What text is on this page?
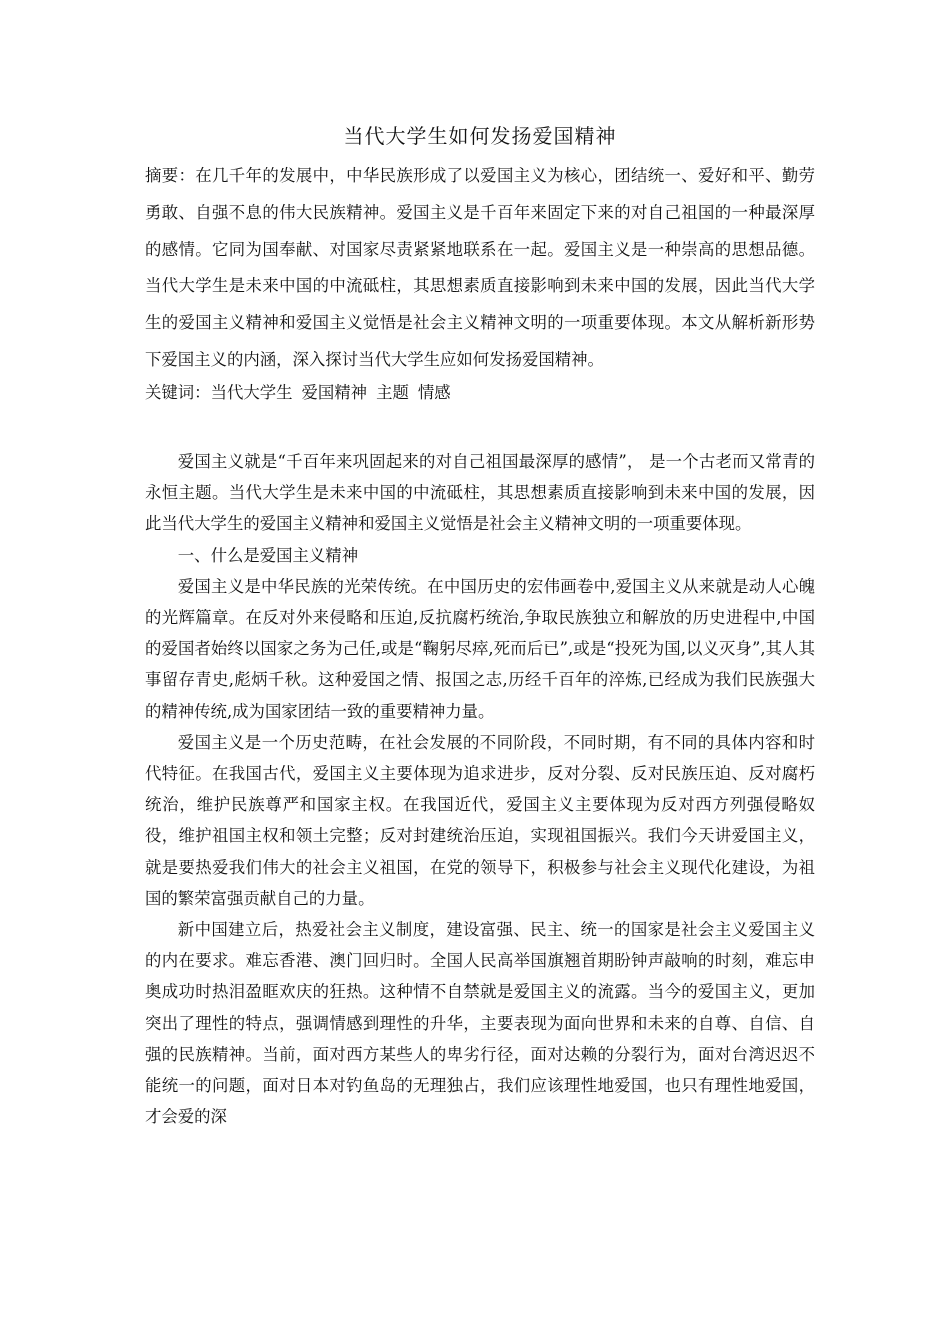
当代大学生如何发扬爱国精神

摘要：在几千年的发展中，中华民族形成了以爱国主义为核心，团结统一、爱好和平、勤劳勇敢、自强不息的伟大民族精神。爱国主义是千百年来固定下来的对自己祖国的一种最深厚的感情。它同为国奉献、对国家尽责紧紧地联系在一起。爱国主义是一种崇高的思想品德。当代大学生是未来中国的中流砥柱，其思想素质直接影响到未来中国的发展，因此当代大学生的爱国主义精神和爱国主义觉悟是社会主义精神文明的一项重要体现。本文从解析新形势下爱国主义的内涵，深入探讨当代大学生应如何发扬爱国精神。

关键词：当代大学生 爱国精神 主题 情感

爱国主义就是“千百年来巩固起来的对自己祖国最深厚的感情”， 是一个古老而又常青的永恒主题。当代大学生是未来中国的中流砥柱，其思想素质直接影响到未来中国的发展，因此当代大学生的爱国主义精神和爱国主义觉悟是社会主义精神文明的一项重要体现。

一、什么是爱国主义精神

爱国主义是中华民族的光荣传统。在中国历史的宏伟画卷中,爱国主义从来就是动人心魄的光辉篇章。在反对外来侵略和压迫,反抗腐朽统治,争取民族独立和解放的历史进程中,中国的爱国者始终以国家之务为己任,或是“鞠躬尽瘁,死而后已”,或是“投死为国,以义灭身”,其人其事留存青史,彪炳千秋。这种爱国之情、报国之志,历经千百年的淬炼,已经成为我们民族强大的精神传统,成为国家团结一致的重要精神力量。

爱国主义是一个历史范畴，在社会发展的不同阶段，不同时期，有不同的具体内容和时代特征。在我国古代，爱国主义主要体现为追求进步，反对分裂、反对民族压迫、反对腐朽统治，维护民族尊严和国家主权。在我国近代，爱国主义主要体现为反对西方列强侵略奴役，维护祖国主权和领土完整；反对封建统治压迫，实现祖国振兴。我们今天讲爱国主义，就是要热爱我们伟大的社会主义祖国，在党的领导下，积极参与社会主义现代化建设，为祖国的繁荣富强贡献自己的力量。

新中国建立后，热爱社会主义制度，建设富强、民主、统一的国家是社会主义爱国主义的内在要求。难忘香港、澳门回归时。全国人民高举国旗翘首期盼钟声敲响的时刻，难忘申奥成功时热泪盈眶欢庆的狂热。这种情不自禁就是爱国主义的流露。当今的爱国主义，更加突出了理性的特点，强调情感到理性的升华，主要表现为面向世界和未来的自尊、自信、自强的民族精神。当前，面对西方某些人的卑劣行径，面对达赖的分裂行为，面对台湾迟迟不能统一的问题，面对日本对钓鱼岛的无理独占，我们应该理性地爱国，也只有理性地爱国，才会爱的深
